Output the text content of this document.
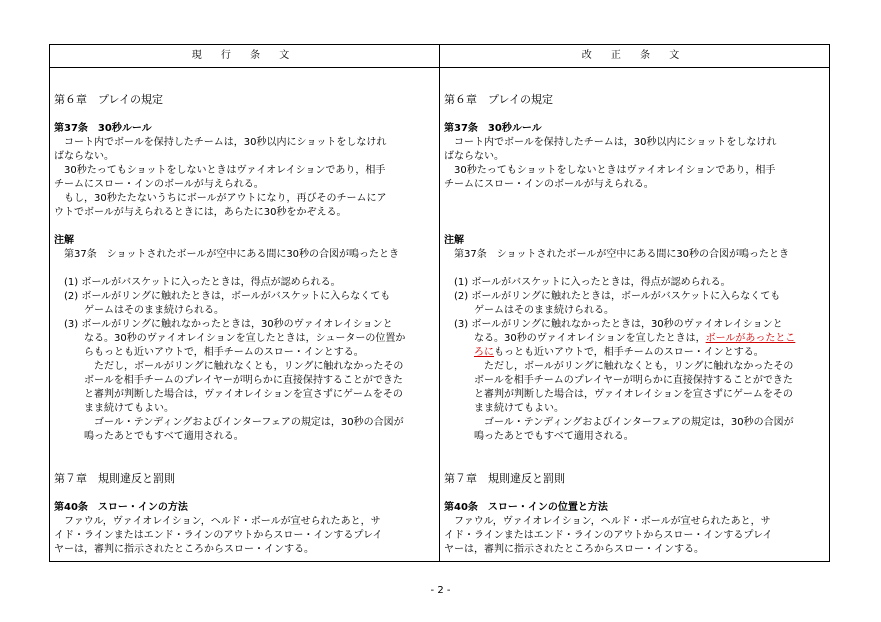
現 行 条 文	改 正 条 文
第６章　プレイの規定
第37条　30秒ルール
　コート内でボールを保持したチームは，30秒以内にショットをしなけれ
ばならない。
　30秒たってもショットをしないときはヴァイオレイションであり，相手
チームにスロー・インのボールが与えられる。
　もし，30秒たたないうちにボールがアウトになり，再びそのチームにア
ウトでボールが与えられるときには，あらたに30秒をかぞえる。
注解
　第37条　ショットされたボールが空中にある間に30秒の合図が鳴ったとき
　(1) ボールがバスケットに入ったときは，得点が認められる。
　(2) ボールがリングに触れたときは，ボールがバスケットに入らなくても
　　　ゲームはそのまま続けられる。
　(3) ボールがリングに触れなかったときは，30秒のヴァイオレイションと
　　　なる。30秒のヴァイオレイションを宣したときは，シューターの位置か
　　　らもっとも近いアウトで，相手チームのスロー・インとする。
　　　　ただし，ボールがリングに触れなくとも，リングに触れなかったその
　　　ボールを相手チームのプレイヤーが明らかに直接保持することができた
　　　と審判が判断した場合は，ヴァイオレイションを宣さずにゲームをその
　　　まま続けてもよい。
　　　　ゴール・テンディングおよびインターフェアの規定は，30秒の合図が
　　　鳴ったあとでもすべて適用される。
第７章　規則違反と罰則
第40条　スロー・インの方法
　ファウル，ヴァイオレイション，ヘルド・ボールが宣せられたあと，サ
イド・ラインまたはエンド・ラインのアウトからスロー・インするプレイ
ヤーは，審判に指示されたところからスロー・インする。
第６章　プレイの規定
第37条　30秒ルール
　コート内でボールを保持したチームは，30秒以内にショットをしなけれ
ばならない。
　30秒たってもショットをしないときはヴァイオレイションであり，相手
チームにスロー・インのボールが与えられる。
注解
　第37条　ショットされたボールが空中にある間に30秒の合図が鳴ったとき
　(1) ボールがバスケットに入ったときは，得点が認められる。
　(2) ボールがリングに触れたときは，ボールがバスケットに入らなくても
　　　ゲームはそのまま続けられる。
　(3) ボールがリングに触れなかったときは，30秒のヴァイオレイションと
　　　なる。30秒のヴァイオレイションを宣したときは，ボールがあったとこ
　　　ろにもっとも近いアウトで，相手チームのスロー・インとする。
　　　　ただし，ボールがリングに触れなくとも，リングに触れなかったその
　　　ボールを相手チームのプレイヤーが明らかに直接保持することができた
　　　と審判が判断した場合は，ヴァイオレイションを宣さずにゲームをその
　　　まま続けてもよい。
　　　　ゴール・テンディングおよびインターフェアの規定は，30秒の合図が
　　　鳴ったあとでもすべて適用される。
第７章　規則違反と罰則
第40条　スロー・インの位置と方法
　ファウル，ヴァイオレイション，ヘルド・ボールが宣せられたあと，サ
イド・ラインまたはエンド・ラインのアウトからスロー・インするプレイ
ヤーは，審判に指示されたところからスロー・インする。
- 2 -
